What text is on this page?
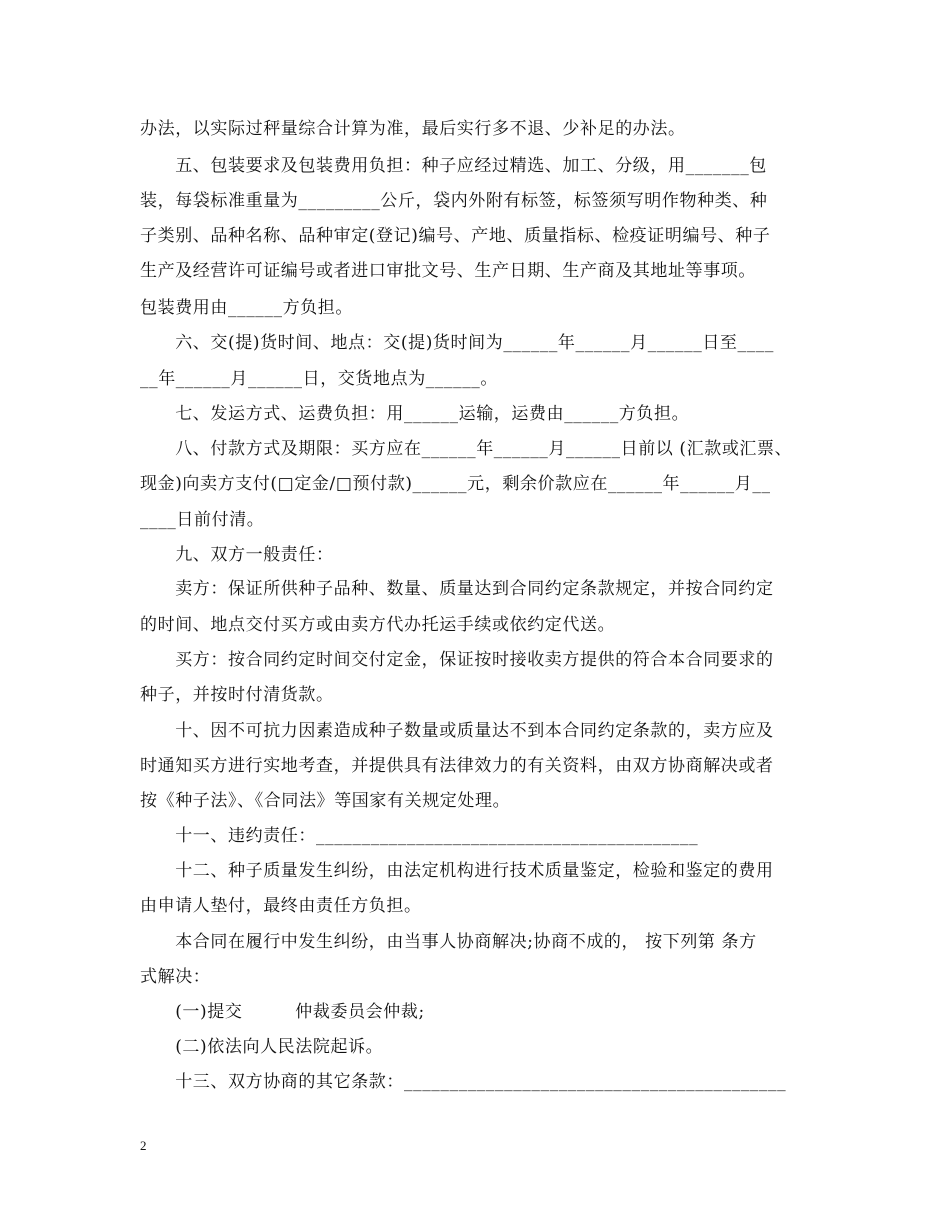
办法，以实际过秤量综合计算为准，最后实行多不退、少补足的办法。
　　五、包装要求及包装费用负担：种子应经过精选、加工、分级，用_______包
装，每袋标准重量为_________公斤，袋内外附有标签，标签须写明作物种类、种
子类别、品种名称、品种审定(登记)编号、产地、质量指标、检疫证明编号、种子
生产及经营许可证编号或者进口审批文号、生产日期、生产商及其地址等事项。
包装费用由______方负担。
　　六、交(提)货时间、地点：交(提)货时间为______年______月______日至____
__年______月______日，交货地点为______。
　　七、发运方式、运费负担：用______运输，运费由______方负担。
　　八、付款方式及期限：买方应在______年______月______日前以 (汇款或汇票、
现金)向卖方支付(□定金/□预付款)______元，剩余价款应在______年______月__
____日前付清。
　　九、双方一般责任：
　　卖方：保证所供种子品种、数量、质量达到合同约定条款规定，并按合同约定
的时间、地点交付买方或由卖方代办托运手续或依约定代送。
　　买方：按合同约定时间交付定金，保证按时接收卖方提供的符合本合同要求的
种子，并按时付清货款。
　　十、因不可抗力因素造成种子数量或质量达不到本合同约定条款的，卖方应及
时通知买方进行实地考查，并提供具有法律效力的有关资料，由双方协商解决或者
按《种子法》、《合同法》等国家有关规定处理。
　　十一、违约责任：__________________________________________
　　十二、种子质量发生纠纷，由法定机构进行技术质量鉴定，检验和鉴定的费用
由申请人垫付，最终由责任方负担。
　　本合同在履行中发生纠纷，由当事人协商解决;协商不成的， 按下列第 条方
式解决：
　　(一)提交　　　仲裁委员会仲裁;
　　(二)依法向人民法院起诉。
　　十三、双方协商的其它条款：__________________________________________
2
